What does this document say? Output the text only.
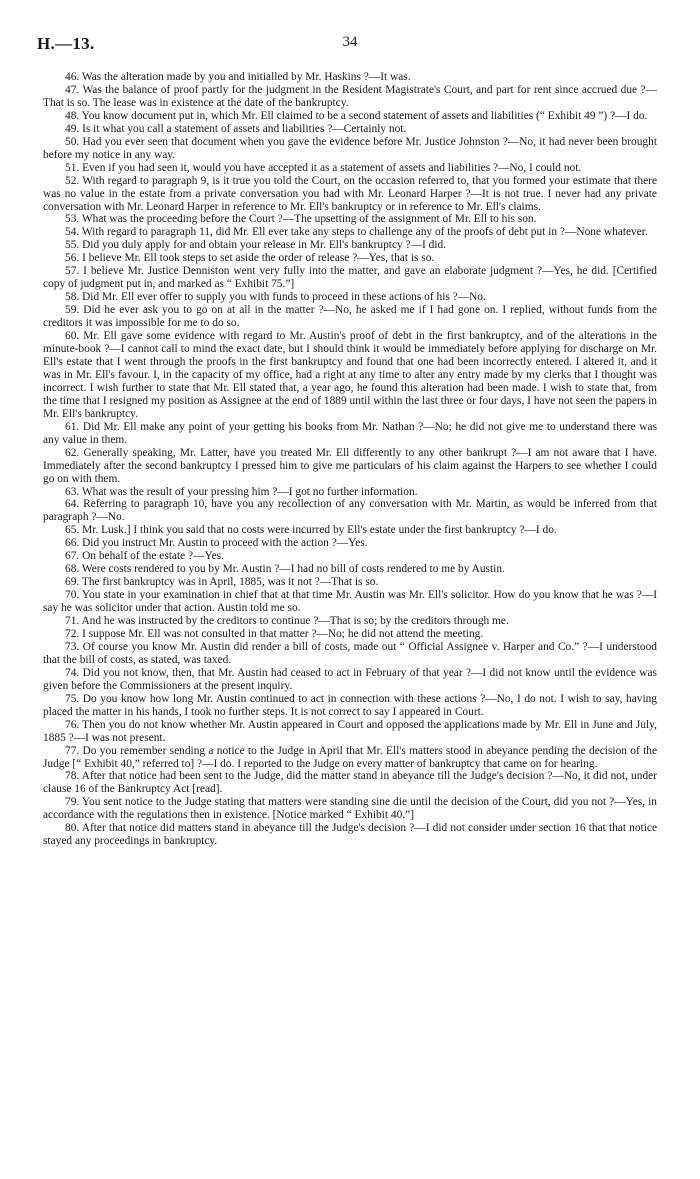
H.—13.	34

46. Was the alteration made by you and initialled by Mr. Haskins ?—It was.

47. Was the balance of proof partly for the judgment in the Resident Magistrate's Court, and part for rent since accrued due ?—That is so. The lease was in existence at the date of the bankruptcy.

48. You know document put in, which Mr. Ell claimed to be a second statement of assets and liabilities (“ Exhibit 49 ”) ?—I do.

49. Is it what you call a statement of assets and liabilities ?—Certainly not.

50. Had you ever seen that document when you gave the evidence before Mr. Justice Johnston ?—No, it had never been brought before my notice in any way.

51. Even if you had seen it, would you have accepted it as a statement of assets and liabilities ?—No, I could not.

52. With regard to paragraph 9, is it true you told the Court, on the occasion referred to, that you formed your estimate that there was no value in the estate from a private conversation you had with Mr. Leonard Harper ?—It is not true. I never had any private conversation with Mr. Leonard Harper in reference to Mr. Ell's bankruptcy or in reference to Mr. Ell's claims.

53. What was the proceeding before the Court ?—The upsetting of the assignment of Mr. Ell to his son.

54. With regard to paragraph 11, did Mr. Ell ever take any steps to challenge any of the proofs of debt put in ?—None whatever.

55. Did you duly apply for and obtain your release in Mr. Ell's bankruptcy ?—I did.

56. I believe Mr. Ell took steps to set aside the order of release ?—Yes, that is so.

57. I believe Mr. Justice Denniston went very fully into the matter, and gave an elaborate judgment ?—Yes, he did. [Certified copy of judgment put in, and marked as “ Exhibit 75.”]

58. Did Mr. Ell ever offer to supply you with funds to proceed in these actions of his ?—No.

59. Did he ever ask you to go on at all in the matter ?—No, he asked me if I had gone on. I replied, without funds from the creditors it was impossible for me to do so.

60. Mr. Ell gave some evidence with regard to Mr. Austin's proof of debt in the first bankruptcy, and of the alterations in the minute-book ?—I cannot call to mind the exact date, but I should think it would be immediately before applying for discharge on Mr. Ell's estate that I went through the proofs in the first bankruptcy and found that one had been incorrectly entered. I altered it, and it was in Mr. Ell's favour. I, in the capacity of my office, had a right at any time to alter any entry made by my clerks that I thought was incorrect. I wish further to state that Mr. Ell stated that, a year ago, he found this alteration had been made. I wish to state that, from the time that I resigned my position as Assignee at the end of 1889 until within the last three or four days, I have not seen the papers in Mr. Ell's bankruptcy.

61. Did Mr. Ell make any point of your getting his books from Mr. Nathan ?—No; he did not give me to understand there was any value in them.

62. Generally speaking, Mr. Latter, have you treated Mr. Ell differently to any other bankrupt ?—I am not aware that I have. Immediately after the second bankruptcy I pressed him to give me particulars of his claim against the Harpers to see whether I could go on with them.

63. What was the result of your pressing him ?—I got no further information.

64. Referring to paragraph 10, have you any recollection of any conversation with Mr. Martin, as would be inferred from that paragraph ?—No.

65. Mr. Lusk.] I think you said that no costs were incurred by Ell's estate under the first bankruptcy ?—I do.

66. Did you instruct Mr. Austin to proceed with the action ?—Yes.

67. On behalf of the estate ?—Yes.

68. Were costs rendered to you by Mr. Austin ?—I had no bill of costs rendered to me by Austin.

69. The first bankruptcy was in April, 1885, was it not ?—That is so.

70. You state in your examination in chief that at that time Mr. Austin was Mr. Ell's solicitor. How do you know that he was ?—I say he was solicitor under that action. Austin told me so.

71. And he was instructed by the creditors to continue ?—That is so; by the creditors through me.

72. I suppose Mr. Ell was not consulted in that matter ?—No; he did not attend the meeting.

73. Of course you know Mr. Austin did render a bill of costs, made out “ Official Assignee v. Harper and Co.” ?—I understood that the bill of costs, as stated, was taxed.

74. Did you not know, then, that Mr. Austin had ceased to act in February of that year ?—I did not know until the evidence was given before the Commissioners at the present inquiry.

75. Do you know how long Mr. Austin continued to act in connection with these actions ?—No, I do not. I wish to say, having placed the matter in his hands, I took no further steps. It is not correct to say I appeared in Court.

76. Then you do not know whether Mr. Austin appeared in Court and opposed the applications made by Mr. Ell in June and July, 1885 ?—I was not present.

77. Do you remember sending a notice to the Judge in April that Mr. Ell's matters stood in abeyance pending the decision of the Judge [“ Exhibit 40,” referred to] ?—I do. I reported to the Judge on every matter of bankruptcy that came on for hearing.

78. After that notice had been sent to the Judge, did the matter stand in abeyance till the Judge's decision ?—No, it did not, under clause 16 of the Bankruptcy Act [read].

79. You sent notice to the Judge stating that matters were standing sine die until the decision of the Court, did you not ?—Yes, in accordance with the regulations then in existence. [Notice marked “ Exhibit 40.”]

80. After that notice did matters stand in abeyance till the Judge's decision ?—I did not consider under section 16 that that notice stayed any proceedings in bankruptcy.
